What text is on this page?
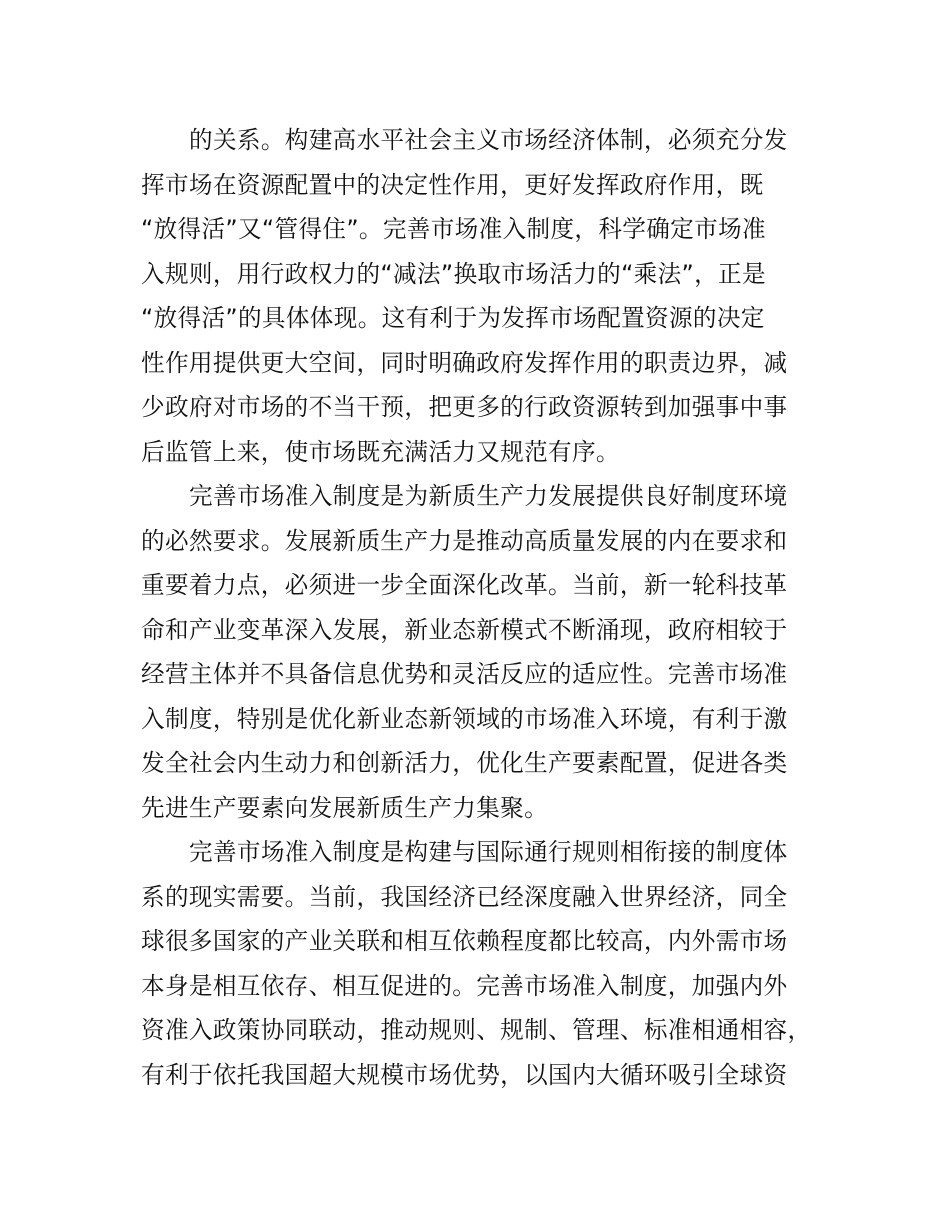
的关系。构建高水平社会主义市场经济体制，必须充分发
挥市场在资源配置中的决定性作用，更好发挥政府作用，既
“放得活”又“管得住”。完善市场准入制度，科学确定市场准
入规则，用行政权力的“减法”换取市场活力的“乘法”，正是
“放得活”的具体体现。这有利于为发挥市场配置资源的决定
性作用提供更大空间，同时明确政府发挥作用的职责边界，减
少政府对市场的不当干预，把更多的行政资源转到加强事中事
后监管上来，使市场既充满活力又规范有序。
完善市场准入制度是为新质生产力发展提供良好制度环境
的必然要求。发展新质生产力是推动高质量发展的内在要求和
重要着力点，必须进一步全面深化改革。当前，新一轮科技革
命和产业变革深入发展，新业态新模式不断涌现，政府相较于
经营主体并不具备信息优势和灵活反应的适应性。完善市场准
入制度，特别是优化新业态新领域的市场准入环境，有利于激
发全社会内生动力和创新活力，优化生产要素配置，促进各类
先进生产要素向发展新质生产力集聚。
完善市场准入制度是构建与国际通行规则相衔接的制度体
系的现实需要。当前，我国经济已经深度融入世界经济，同全
球很多国家的产业关联和相互依赖程度都比较高，内外需市场
本身是相互依存、相互促进的。完善市场准入制度，加强内外
资准入政策协同联动，推动规则、规制、管理、标准相通相容，
有利于依托我国超大规模市场优势，以国内大循环吸引全球资
